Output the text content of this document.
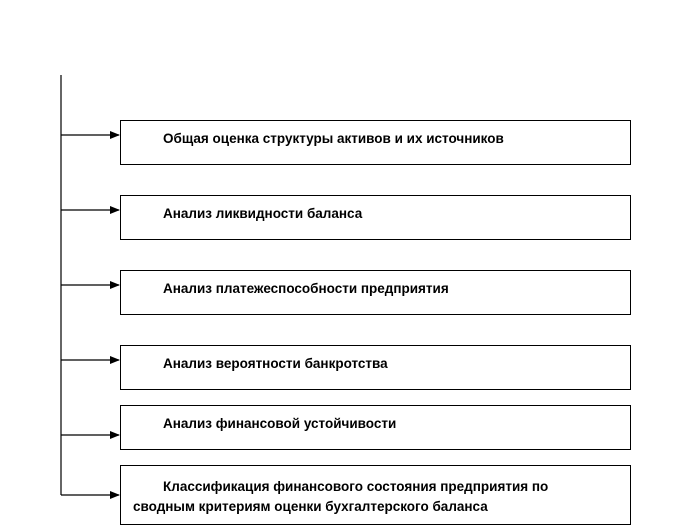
Общая оценка структуры активов и их источников
Анализ ликвидности баланса
Анализ платежеспособности предприятия
Анализ вероятности банкротства
Анализ финансовой устойчивости
Классификация финансового состояния предприятия по
сводным критериям оценки бухгалтерского баланса
